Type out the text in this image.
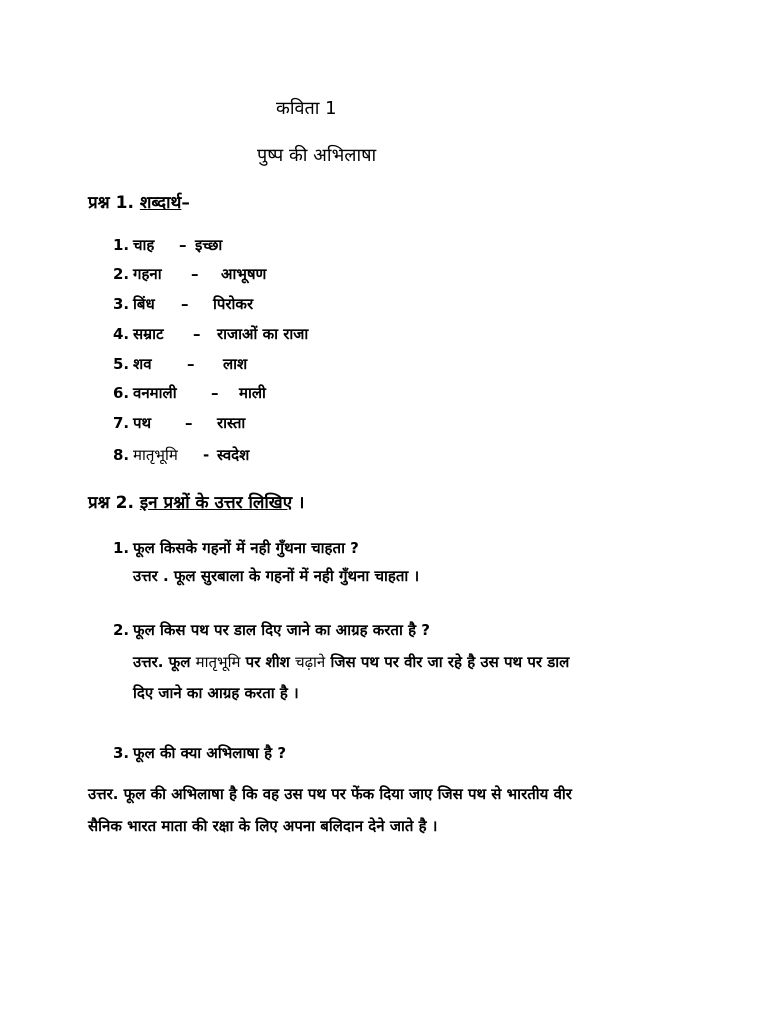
कविता 1
पुष्प की अभिलाषा
प्रश्न 1. शब्दार्थ–
1. चाह – इच्छा
2. गहना – आभूषण
3. बिंध – पिरोकर
4. सम्राट – राजाओं का राजा
5. शव – लाश
6. वनमाली – माली
7. पथ – रास्ता
8. मातृभूमि - स्वदेश
प्रश्न 2. इन प्रश्नों के उत्तर लिखिए ।
1. फूल किसके गहनों में नही गुँथना चाहता ?
उत्तर . फूल सुरबाला के गहनों में नही गुँथना चाहता ।
2. फूल किस पथ पर डाल दिए जाने का आग्रह करता है ?
उत्तर. फूल मातृभूमि पर शीश चढ़ाने जिस पथ पर वीर जा रहे है उस पथ पर डाल
दिए जाने का आग्रह करता है ।
3. फूल की क्या अभिलाषा है ?
उत्तर. फूल की अभिलाषा है कि वह उस पथ पर फेंक दिया जाए जिस पथ से भारतीय वीर
सैनिक भारत माता की रक्षा के लिए अपना बलिदान देने जाते है ।
